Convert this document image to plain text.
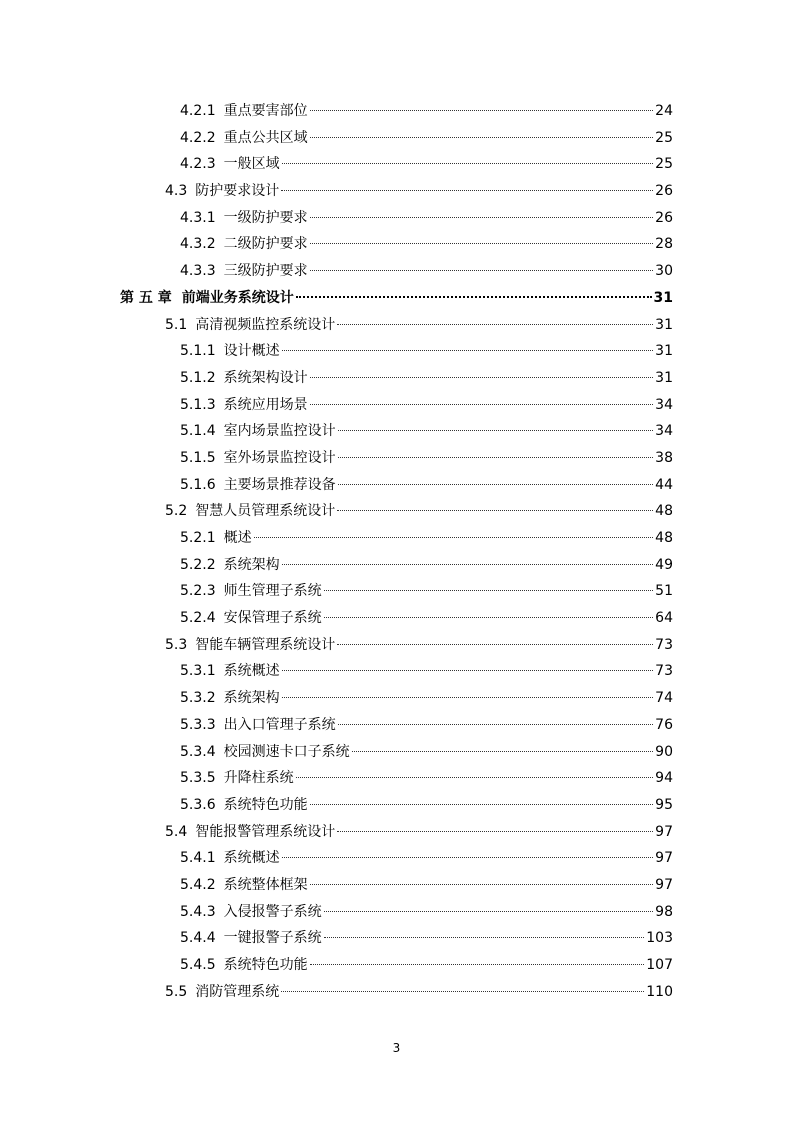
4.2.1 重点要害部位	24
4.2.2 重点公共区域	25
4.2.3 一般区域	25
4.3 防护要求设计	26
4.3.1 一级防护要求	26
4.3.2 二级防护要求	28
4.3.3 三级防护要求	30
第 五 章 前端业务系统设计	31
5.1 高清视频监控系统设计	31
5.1.1 设计概述	31
5.1.2 系统架构设计	31
5.1.3 系统应用场景	34
5.1.4 室内场景监控设计	34
5.1.5 室外场景监控设计	38
5.1.6 主要场景推荐设备	44
5.2 智慧人员管理系统设计	48
5.2.1 概述	48
5.2.2 系统架构	49
5.2.3 师生管理子系统	51
5.2.4 安保管理子系统	64
5.3 智能车辆管理系统设计	73
5.3.1 系统概述	73
5.3.2 系统架构	74
5.3.3 出入口管理子系统	76
5.3.4 校园测速卡口子系统	90
5.3.5 升降柱系统	94
5.3.6 系统特色功能	95
5.4 智能报警管理系统设计	97
5.4.1 系统概述	97
5.4.2 系统整体框架	97
5.4.3 入侵报警子系统	98
5.4.4 一键报警子系统	103
5.4.5 系统特色功能	107
5.5 消防管理系统	110
3
